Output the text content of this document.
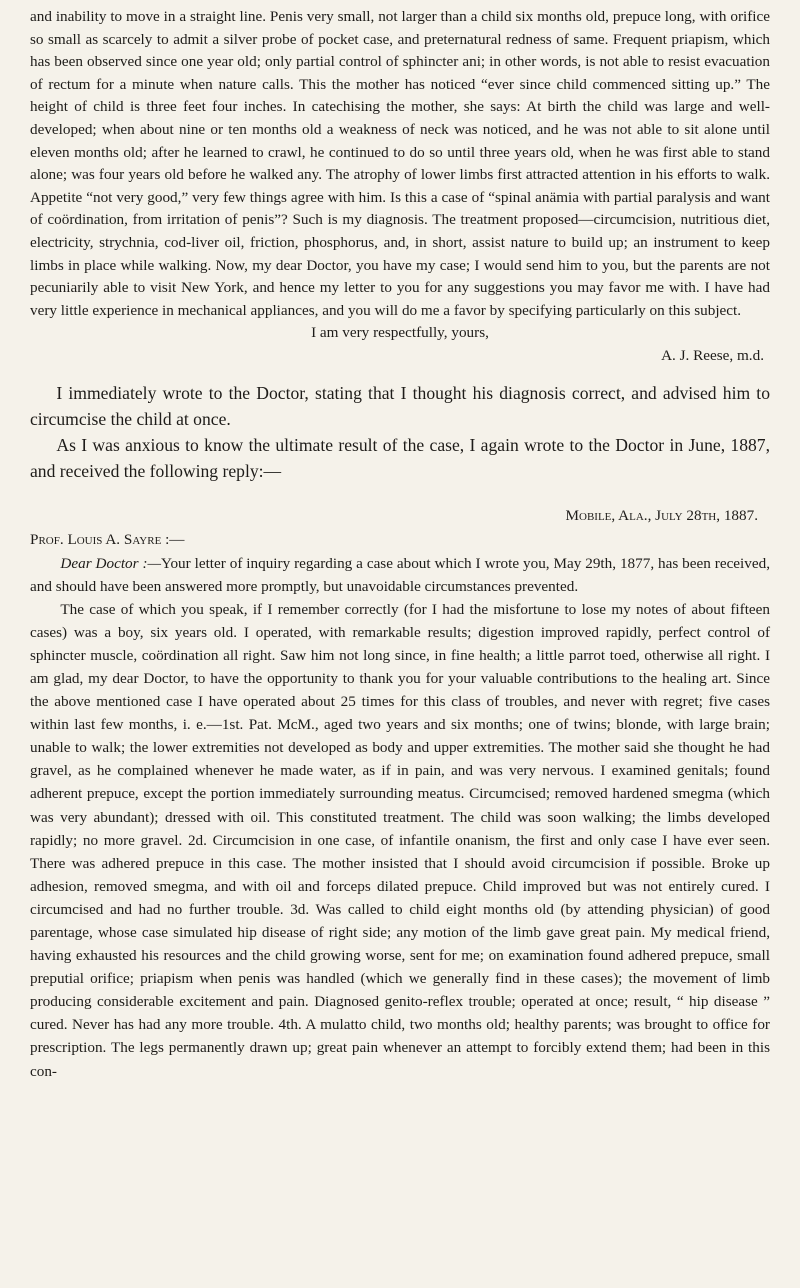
and inability to move in a straight line. Penis very small, not larger than a child six months old, prepuce long, with orifice so small as scarcely to admit a silver probe of pocket case, and preternatural redness of same. Frequent priapism, which has been observed since one year old; only partial control of sphincter ani; in other words, is not able to resist evacuation of rectum for a minute when nature calls. This the mother has noticed “ever since child commenced sitting up.” The height of child is three feet four inches. In catechising the mother, she says: At birth the child was large and well-developed; when about nine or ten months old a weakness of neck was noticed, and he was not able to sit alone until eleven months old; after he learned to crawl, he continued to do so until three years old, when he was first able to stand alone; was four years old before he walked any. The atrophy of lower limbs first attracted attention in his efforts to walk. Appetite “not very good,” very few things agree with him. Is this a case of “spinal anämia with partial paralysis and want of coördination, from irritation of penis”? Such is my diagnosis. The treatment proposed—circumcision, nutritious diet, electricity, strychnia, cod-liver oil, friction, phosphorus, and, in short, assist nature to build up; an instrument to keep limbs in place while walking. Now, my dear Doctor, you have my case; I would send him to you, but the parents are not pecuniarily able to visit New York, and hence my letter to you for any suggestions you may favor me with. I have had very little experience in mechanical appliances, and you will do me a favor by specifying particularly on this subject.

I am very respectfully, yours,
A. J. Reese, m.d.

I immediately wrote to the Doctor, stating that I thought his diagnosis correct, and advised him to circumcise the child at once.

As I was anxious to know the ultimate result of the case, I again wrote to the Doctor in June, 1887, and received the following reply:—

Mobile, Ala., July 28th, 1887.
Prof. Louis A. Sayre :—

Dear Doctor :—Your letter of inquiry regarding a case about which I wrote you, May 29th, 1877, has been received, and should have been answered more promptly, but unavoidable circumstances prevented.

The case of which you speak, if I remember correctly (for I had the misfortune to lose my notes of about fifteen cases) was a boy, six years old. I operated, with remarkable results; digestion improved rapidly, perfect control of sphincter muscle, coördination all right. Saw him not long since, in fine health; a little parrot toed, otherwise all right. I am glad, my dear Doctor, to have the opportunity to thank you for your valuable contributions to the healing art. Since the above mentioned case I have operated about 25 times for this class of troubles, and never with regret; five cases within last few months, i. e.—1st. Pat. McM., aged two years and six months; one of twins; blonde, with large brain; unable to walk; the lower extremities not developed as body and upper extremities. The mother said she thought he had gravel, as he complained whenever he made water, as if in pain, and was very nervous. I examined genitals; found adherent prepuce, except the portion immediately surrounding meatus. Circumcised; removed hardened smegma (which was very abundant); dressed with oil. This constituted treatment. The child was soon walking; the limbs developed rapidly; no more gravel. 2d. Circumcision in one case, of infantile onanism, the first and only case I have ever seen. There was adhered prepuce in this case. The mother insisted that I should avoid circumcision if possible. Broke up adhesion, removed smegma, and with oil and forceps dilated prepuce. Child improved but was not entirely cured. I circumcised and had no further trouble. 3d. Was called to child eight months old (by attending physician) of good parentage, whose case simulated hip disease of right side; any motion of the limb gave great pain. My medical friend, having exhausted his resources and the child growing worse, sent for me; on examination found adhered prepuce, small preputial orifice; priapism when penis was handled (which we generally find in these cases); the movement of limb producing considerable excitement and pain. Diagnosed genito-reflex trouble; operated at once; result, “ hip disease ” cured. Never has had any more trouble. 4th. A mulatto child, two months old; healthy parents; was brought to office for prescription. The legs permanently drawn up; great pain whenever an attempt to forcibly extend them; had been in this con-
